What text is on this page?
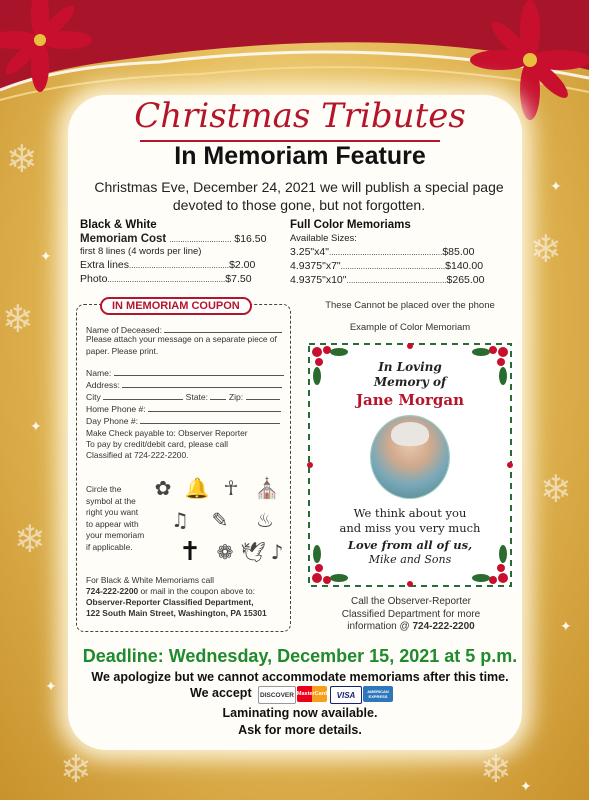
❄
❄
❄
❄
❄
❄	❄
✦
✦
✦
✦
✦
✦
Christmas Tributes
In Memoriam Feature
Christmas Eve, December 24, 2021 we will publish a special page devoted to those gone, but not forgotten.
Black & White
Memoriam Cost ............................ $16.50
first 8 lines (4 words per line)
Extra lines.............................................$2.00
Photo.....................................................$7.50
Full Color Memoriams
Available Sizes:
3.25"x4"...................................................$85.00
4.9375"x7"...............................................$140.00
4.9375"x10".............................................$265.00
IN MEMORIAM COUPON
Name of Deceased:
Please attach your message on a separate piece of paper. Please print.
Name:
Address:
City	State: Zip:
Home Phone #:
Day Phone #:
Make Check payable to: Observer Reporter
To pay by credit/debit card, please call
Classified at 724-222-2200.
Circle the symbol at the right you want to appear with your memoriam if applicable.
✿ 🔔 ☥ ⛪
♫	✎	♨
✝ ❁ 🕊 ♪
For Black & White Memoriams call
724-222-2200 or mail in the coupon above to:
Observer-Reporter Classified Department,
122 South Main Street, Washington, PA 15301
These Cannot be placed over the phone
Example of Color Memoriam
In Loving
Memory of
Jane Morgan
We think about you
and miss you very much
Love from all of us,
Mike and Sons
Call the Observer-Reporter
Classified Department for more
information @ 724-222-2200
Deadline: Wednesday, December 15, 2021 at 5 p.m.
We apologize but we cannot accommodate memoriams after this time.
We accept	DISCOVER MasterCard	VISA	AMERICAN EXPRESS
Laminating now available.
Ask for more details.
